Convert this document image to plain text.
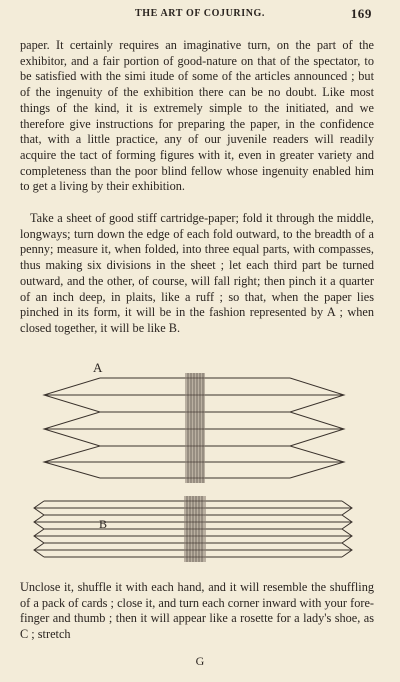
THE ART OF COJURING.	169

paper. It certainly requires an imaginative turn, on the part of the exhibitor, and a fair portion of good-nature on that of the spectator, to be satisfied with the simi itude of some of the articles announced ; but of the ingenuity of the exhibition there can be no doubt. Like most things of the kind, it is extremely simple to the initiated, and we therefore give instructions for preparing the paper, in the confidence that, with a little practice, any of our juvenile readers will readily acquire the tact of forming figures with it, even in greater variety and completeness than the poor blind fellow whose ingenuity enabled him to get a living by their exhibition.

Take a sheet of good stiff cartridge-paper; fold it through the middle, longways; turn down the edge of each fold outward, to the breadth of a penny; measure it, when folded, into three equal parts, with compasses, thus making six divisions in the sheet ; let each third part be turned outward, and the other, of course, will fall right; then pinch it a quarter of an inch deep, in plaits, like a ruff ; so that, when the paper lies pinched in its form, it will be in the fashion represented by A ; when closed together, it will be like B.

A
B

Unclose it, shuffle it with each hand, and it will resemble the shuffling of a pack of cards ; close it, and turn each corner inward with your fore-finger and thumb ; then it will appear like a rosette for a lady's shoe, as C ; stretch

G
